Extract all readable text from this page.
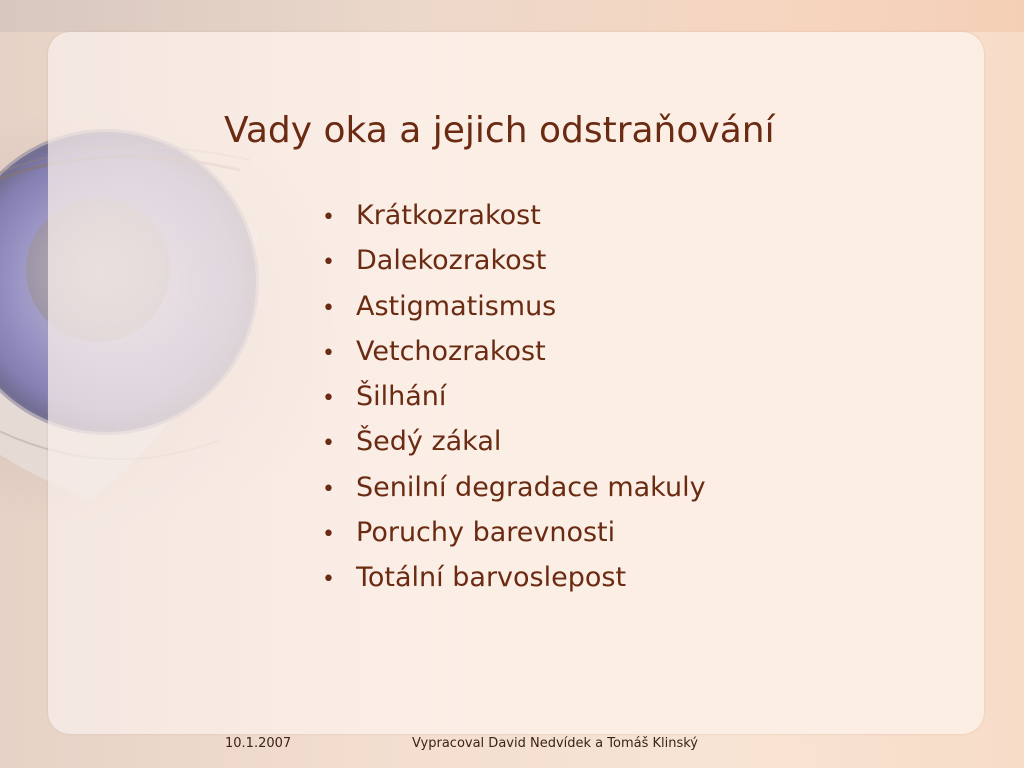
Vady oka a jejich odstraňování
• Krátkozrakost
• Dalekozrakost
• Astigmatismus
• Vetchozrakost
• Šilhání
• Šedý zákal
• Senilní degradace makuly
• Poruchy barevnosti
• Totální barvoslepost
10.1.2007	Vypracoval David Nedvídek a Tomáš Klinský
